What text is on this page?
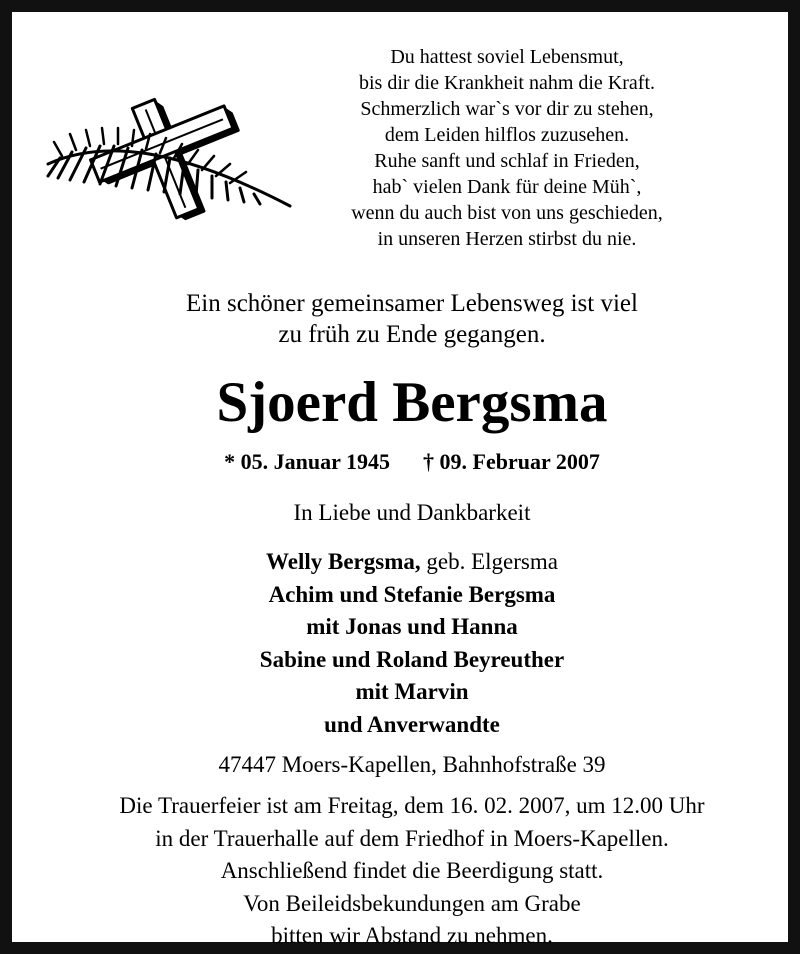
Du hattest soviel Lebensmut,
bis dir die Krankheit nahm die Kraft.
Schmerzlich war`s vor dir zu stehen,
dem Leiden hilflos zuzusehen.
Ruhe sanft und schlaf in Frieden,
hab` vielen Dank für deine Müh`,
wenn du auch bist von uns geschieden,
in unseren Herzen stirbst du nie.
Ein schöner gemeinsamer Lebensweg ist viel
zu früh zu Ende gegangen.
Sjoerd Bergsma
* 05. Januar 1945 † 09. Februar 2007
In Liebe und Dankbarkeit
Welly Bergsma, geb. Elgersma
Achim und Stefanie Bergsma
mit Jonas und Hanna
Sabine und Roland Beyreuther
mit Marvin
und Anverwandte
47447 Moers-Kapellen, Bahnhofstraße 39
Die Trauerfeier ist am Freitag, dem 16. 02. 2007, um 12.00 Uhr
in der Trauerhalle auf dem Friedhof in Moers-Kapellen.
Anschließend findet die Beerdigung statt.
Von Beileidsbekundungen am Grabe
bitten wir Abstand zu nehmen.
